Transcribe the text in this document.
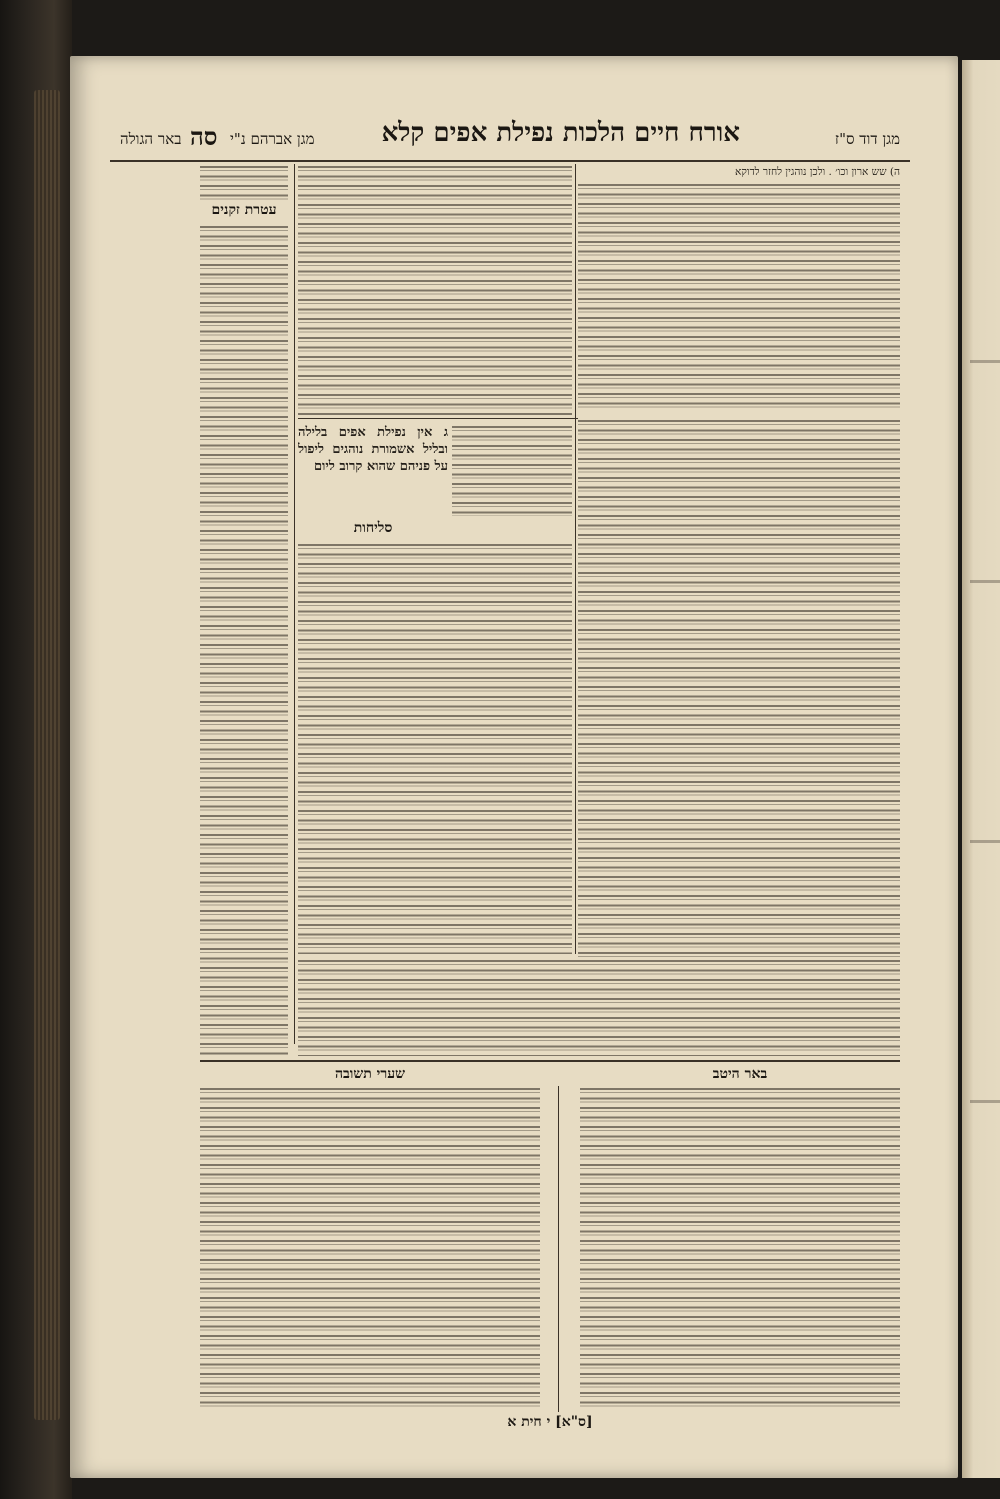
מגן דוד ס"ז
אורח חיים הלכות נפילת אפים קלא
באר הגולה	מגן אברהם נ"י
סה
עטרת זקנים

ה) שש ארון וכו׳ . ולכן נוהגין לחזר לדוקא

ג אין נפילת אפים בלילה ובליל אשמורת נוהגים ליפול על פניהם שהוא קרוב ליום

סליחות
באר היטב
שערי תשובה
[ס"א] י חית א
